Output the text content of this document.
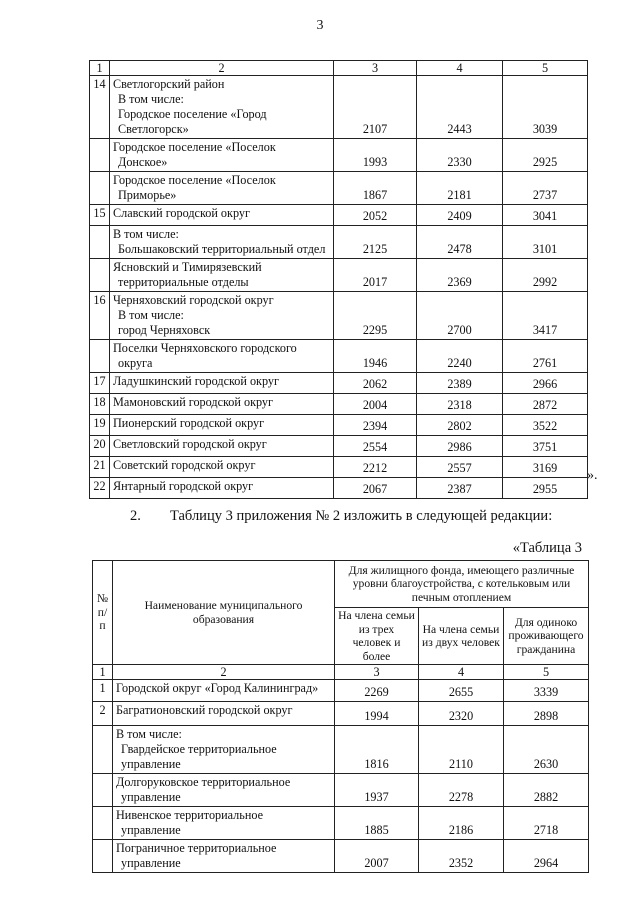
3
1	2	3	4	5
14	Светлогорский район
В том числе:
Городское поселение «Город
Светлогорск»	2107	2443	3039

	Городское поселение «Поселок
Донское»	1993	2330	2925

	Городское поселение «Поселок
Приморье»	1867	2181	2737
15	Славский городской округ	2052	2409	3041

	В том числе:
Большаковский территориальный отдел	2125	2478	3101

	Ясновский и Тимирязевский
территориальные отделы	2017	2369	2992
16	Черняховский городской округ
В том числе:
город Черняховск	2295	2700	3417

	Поселки Черняховского городского
округа	1946	2240	2761
17	Ладушкинский городской округ	2062	2389	2966
18	Мамоновский городской округ	2004	2318	2872
19	Пионерский городской округ	2394	2802	3522
20	Светловский городской округ	2554	2986	3751
21	Советский городской округ	2212	2557	3169
22	Янтарный городской округ	2067	2387	2955
».
2. Таблицу 3 приложения № 2 изложить в следующей редакции:
«Таблица 3
№ п/п	Наименование муниципального образования	Для жилищного фонда, имеющего различные уровни благоустройства, с котельковым или печным отоплением		
		На члена семьи из трех человек и более	На члена семьи из двух человек	Для одиноко проживающего гражданина
1	2	3	4	5
1	Городской округ «Город Калининград»	2269	2655	3339
2	Багратионовский городской округ	1994	2320	2898

	В том числе:
Гвардейское территориальное
управление	1816	2110	2630

	Долгоруковское территориальное
управление	1937	2278	2882

	Нивенское территориальное
управление	1885	2186	2718

	Пограничное территориальное
управление	2007	2352	2964
